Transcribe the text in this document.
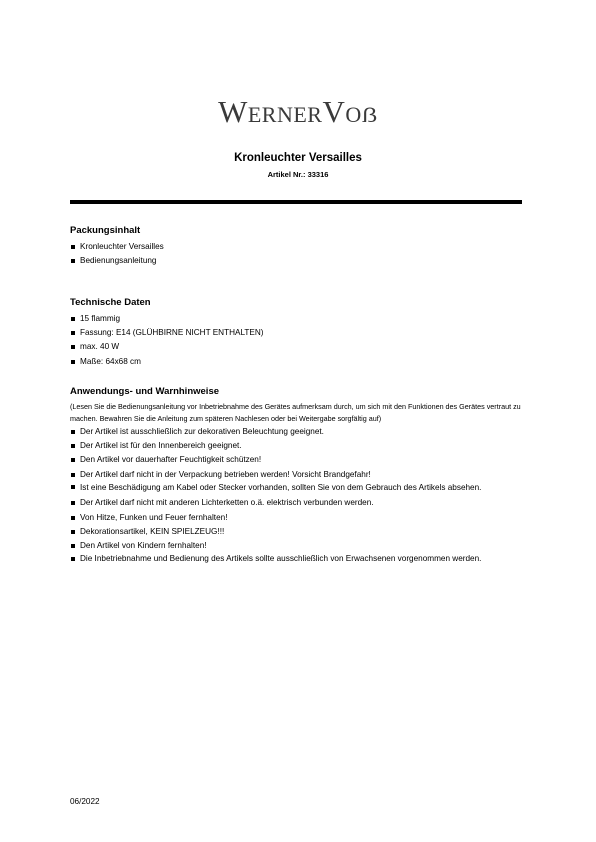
WERNERVOẞ
Kronleuchter Versailles
Artikel Nr.: 33316
Packungsinhalt
Kronleuchter Versailles
Bedienungsanleitung
Technische Daten
15 flammig
Fassung: E14 (GLÜHBIRNE NICHT ENTHALTEN)
max. 40 W
Maße: 64x68 cm
Anwendungs- und Warnhinweise

(Lesen Sie die Bedienungsanleitung vor Inbetriebnahme des Gerätes aufmerksam durch, um sich mit den Funktionen des Gerätes vertraut zu machen. Bewahren Sie die Anleitung zum späteren Nachlesen oder bei Weitergabe sorgfältig auf)

Der Artikel ist ausschließlich zur dekorativen Beleuchtung geeignet.
Der Artikel ist für den Innenbereich geeignet.
Den Artikel vor dauerhafter Feuchtigkeit schützen!
Der Artikel darf nicht in der Verpackung betrieben werden! Vorsicht Brandgefahr!
Ist eine Beschädigung am Kabel oder Stecker vorhanden, sollten Sie von dem Gebrauch des Artikels absehen.
Der Artikel darf nicht mit anderen Lichterketten o.ä. elektrisch verbunden werden.
Von Hitze, Funken und Feuer fernhalten!
Dekorationsartikel, KEIN SPIELZEUG!!!
Den Artikel von Kindern fernhalten!
Die Inbetriebnahme und Bedienung des Artikels sollte ausschließlich von Erwachsenen vorgenommen werden.
06/2022
